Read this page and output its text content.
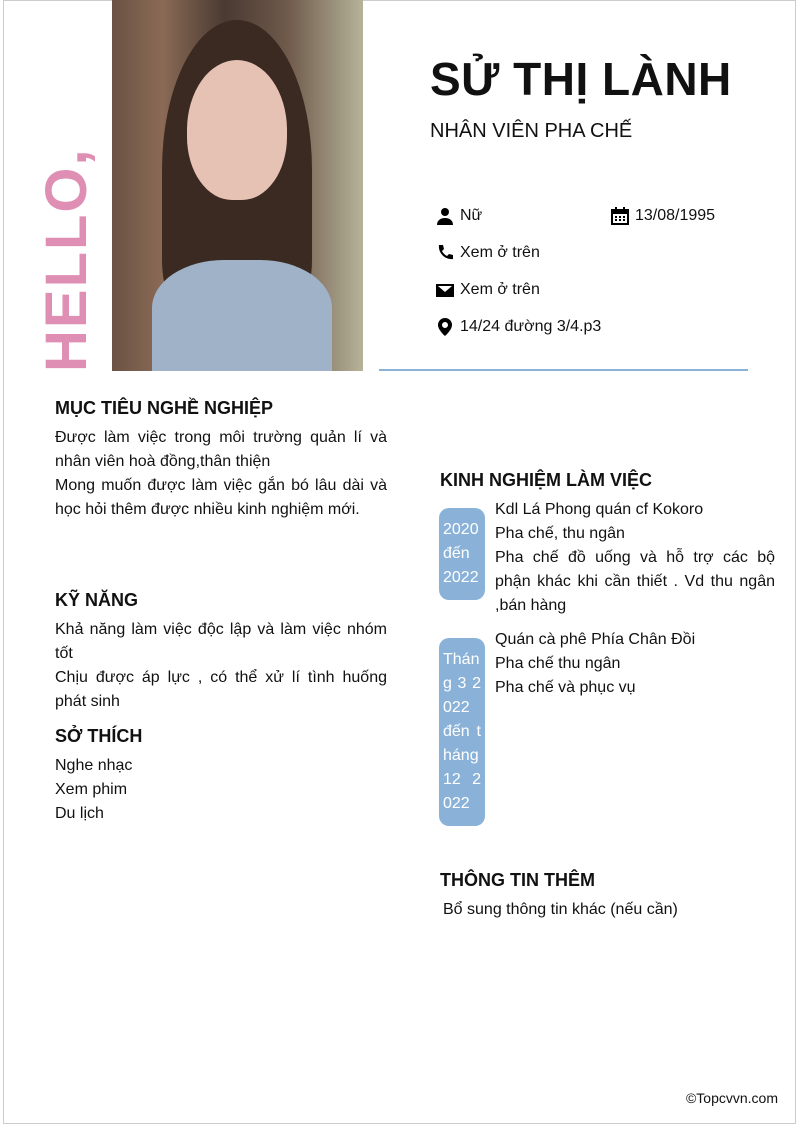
HELLO,
SỬ THỊ LÀNH
NHÂN VIÊN PHA CHẾ
Nữ	13/08/1995
Xem ở trên
Xem ở trên
14/24 đường 3/4.p3
MỤC TIÊU NGHỀ NGHIỆP
Được làm việc trong môi trường quản lí và nhân viên hoà đồng,thân thiện
Mong muốn được làm việc gắn bó lâu dài và học hỏi thêm được nhiều kinh nghiệm mới.
KỸ NĂNG
Khả năng làm việc độc lập và làm việc nhóm tốt
Chịu được áp lực , có thể xử lí tình huống phát sinh
SỞ THÍCH
Nghe nhạc
Xem phim
Du lịch
KINH NGHIỆM LÀM VIỆC
2020 đến 2022
Kdl Lá Phong quán cf Kokoro
Pha chế, thu ngân
Pha chế đồ uống và hỗ trợ các bộ phận khác khi cần thiết . Vd thu ngân ,bán hàng
Tháng 3 2022 đến tháng 12 2022
Quán cà phê Phía Chân Đồi
Pha chế thu ngân
Pha chế và phục vụ
THÔNG TIN THÊM
Bổ sung thông tin khác (nếu cần)
©Topcvvn.com
